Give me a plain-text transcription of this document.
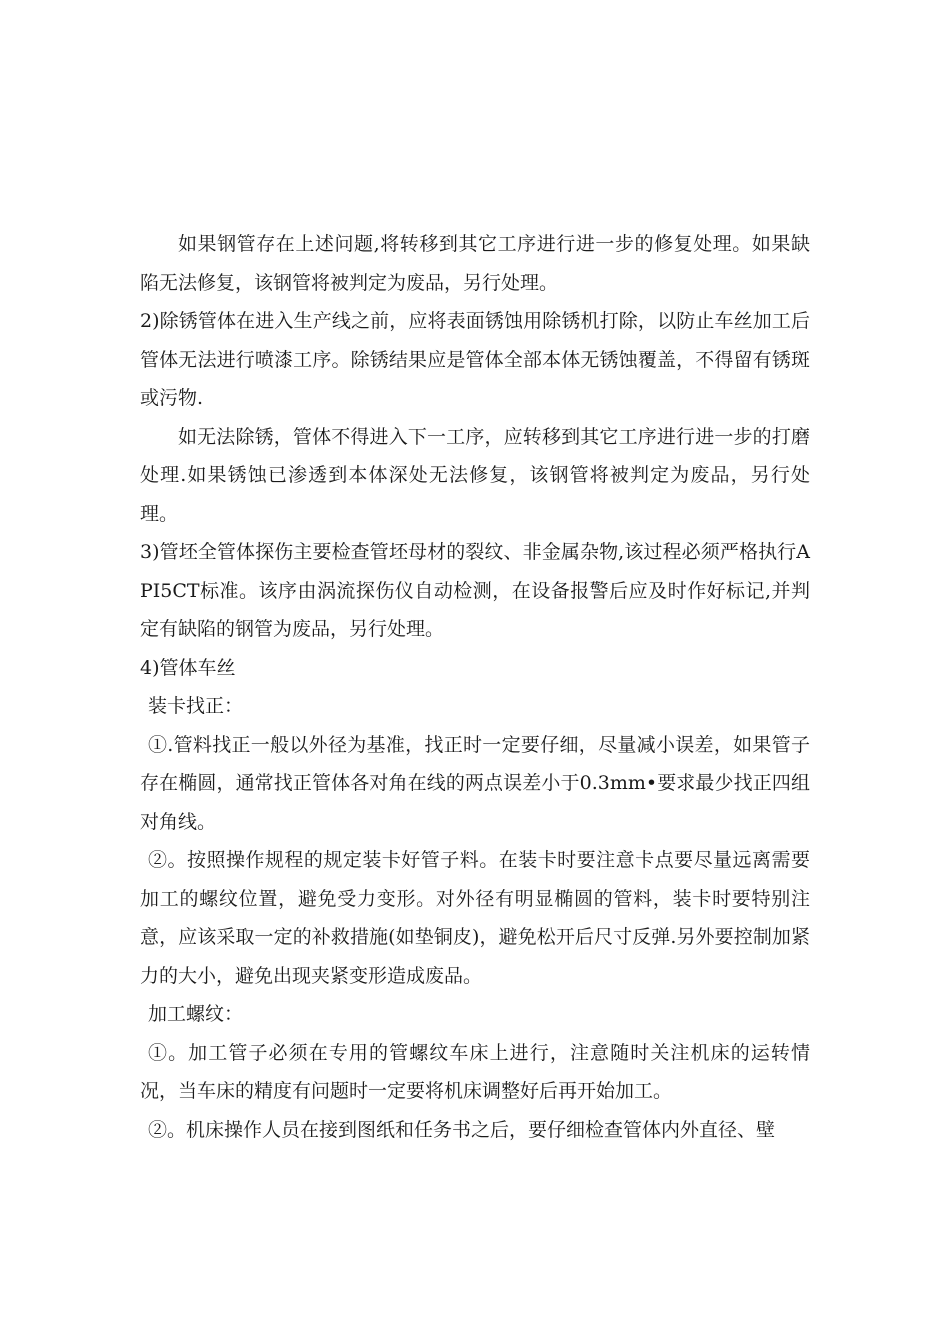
如果钢管存在上述问题,将转移到其它工序进行进一步的修复处理。如果缺陷无法修复，该钢管将被判定为废品，另行处理。

2)除锈管体在进入生产线之前，应将表面锈蚀用除锈机打除，以防止车丝加工后管体无法进行喷漆工序。除锈结果应是管体全部本体无锈蚀覆盖，不得留有锈斑或污物.

如无法除锈，管体不得进入下一工序，应转移到其它工序进行进一步的打磨处理.如果锈蚀已渗透到本体深处无法修复，该钢管将被判定为废品，另行处理。

3)管坯全管体探伤主要检查管坯母材的裂纹、非金属杂物,该过程必须严格执行API5CT标准。该序由涡流探伤仪自动检测，在设备报警后应及时作好标记,并判定有缺陷的钢管为废品，另行处理。

4)管体车丝

装卡找正：

①.管料找正一般以外径为基准，找正时一定要仔细，尽量减小误差，如果管子存在椭圆，通常找正管体各对角在线的两点误差小于0.3mm•要求最少找正四组对角线。

②。按照操作规程的规定装卡好管子料。在装卡时要注意卡点要尽量远离需要加工的螺纹位置，避免受力变形。对外径有明显椭圆的管料，装卡时要特别注意，应该采取一定的补救措施(如垫铜皮)，避免松开后尺寸反弹.另外要控制加紧力的大小，避免出现夹紧变形造成废品。

加工螺纹：

①。加工管子必须在专用的管螺纹车床上进行，注意随时关注机床的运转情况，当车床的精度有问题时一定要将机床调整好后再开始加工。

②。机床操作人员在接到图纸和任务书之后，要仔细检查管体内外直径、壁
